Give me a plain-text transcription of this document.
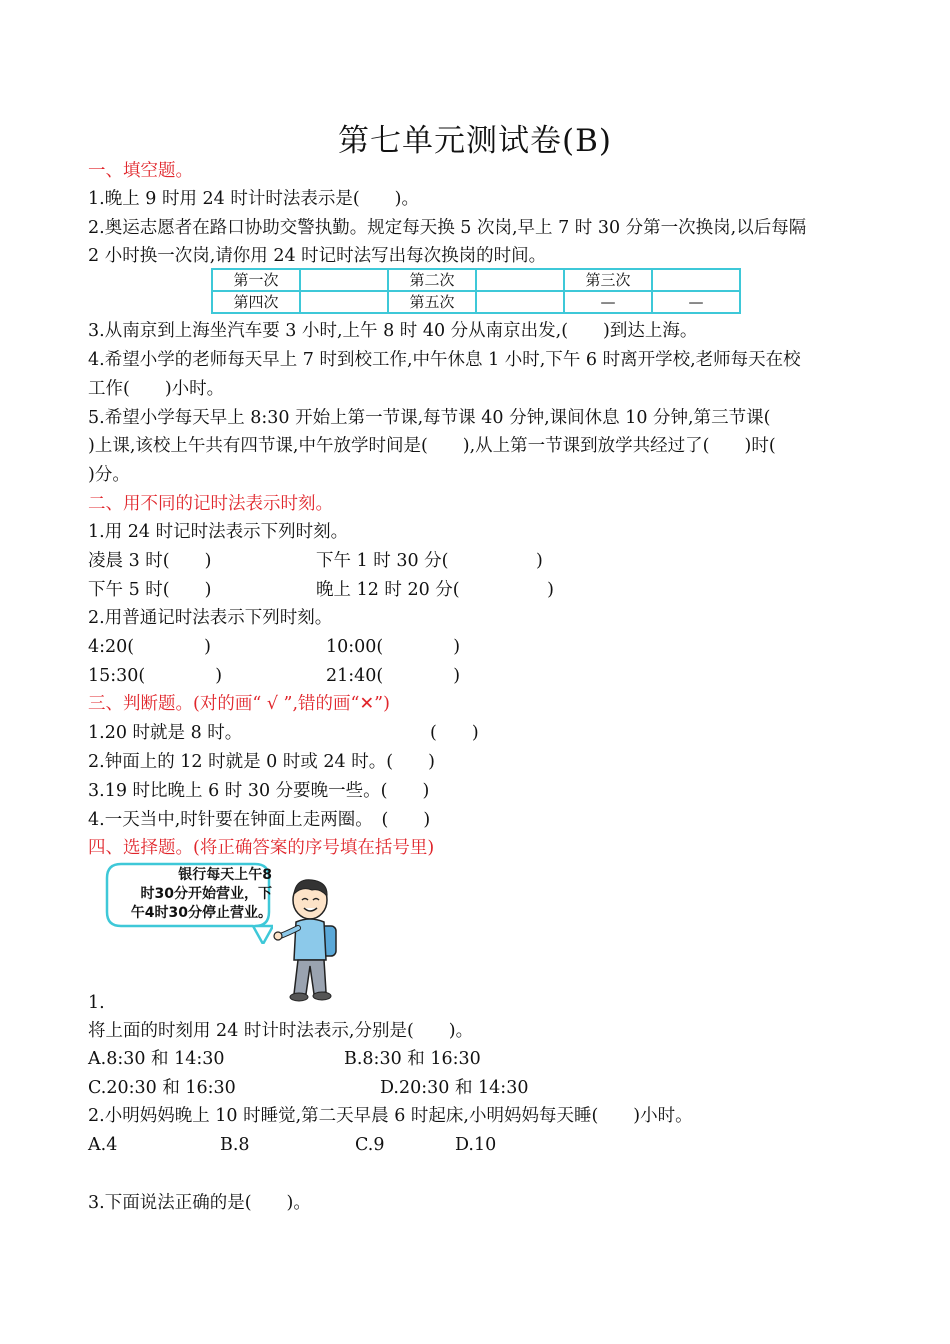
第七单元测试卷(B)
一、填空题。
1.晚上 9 时用 24 时计时法表示是(　　)。
2.奥运志愿者在路口协助交警执勤。规定每天换 5 次岗,早上 7 时 30 分第一次换岗,以后每隔
2 小时换一次岗,请你用 24 时记时法写出每次换岗的时间。
第一次		第二次		第三次	
第四次		第五次		—	—
3.从南京到上海坐汽车要 3 小时,上午 8 时 40 分从南京出发,(　　)到达上海。
4.希望小学的老师每天早上 7 时到校工作,中午休息 1 小时,下午 6 时离开学校,老师每天在校
工作(　　)小时。
5.希望小学每天早上 8:30 开始上第一节课,每节课 40 分钟,课间休息 10 分钟,第三节课(
)上课,该校上午共有四节课,中午放学时间是(　　),从上第一节课到放学共经过了(　　)时(
)分。
二、用不同的记时法表示时刻。
1.用 24 时记时法表示下列时刻。
凌晨 3 时(　　)	下午 1 时 30 分(　　　　　)
下午 5 时(　　)	晚上 12 时 20 分(　　　　　)
2.用普通记时法表示下列时刻。
4:20(　　　　)	10:00(　　　　)
15:30(　　　　)	21:40(　　　　)
三、判断题。(对的画“ √ ”,错的画“✕”)
1.20 时就是 8 时。	(　　)
2.钟面上的 12 时就是 0 时或 24 时。(　　)
3.19 时比晚上 6 时 30 分要晚一些。(　　)
4.一天当中,时针要在钟面上走两圈。　(　　)
四、选择题。(将正确答案的序号填在括号里)
银行每天上午8
时30分开始营业，下
午4时30分停止营业。
1.
将上面的时刻用 24 时计时法表示,分别是(　　)。
A.8:30 和 14:30	B.8:30 和 16:30
C.20:30 和 16:30	D.20:30 和 14:30
2.小明妈妈晚上 10 时睡觉,第二天早晨 6 时起床,小明妈妈每天睡(　　)小时。
A.4	B.8	C.9	D.10
3.下面说法正确的是(　　)。
